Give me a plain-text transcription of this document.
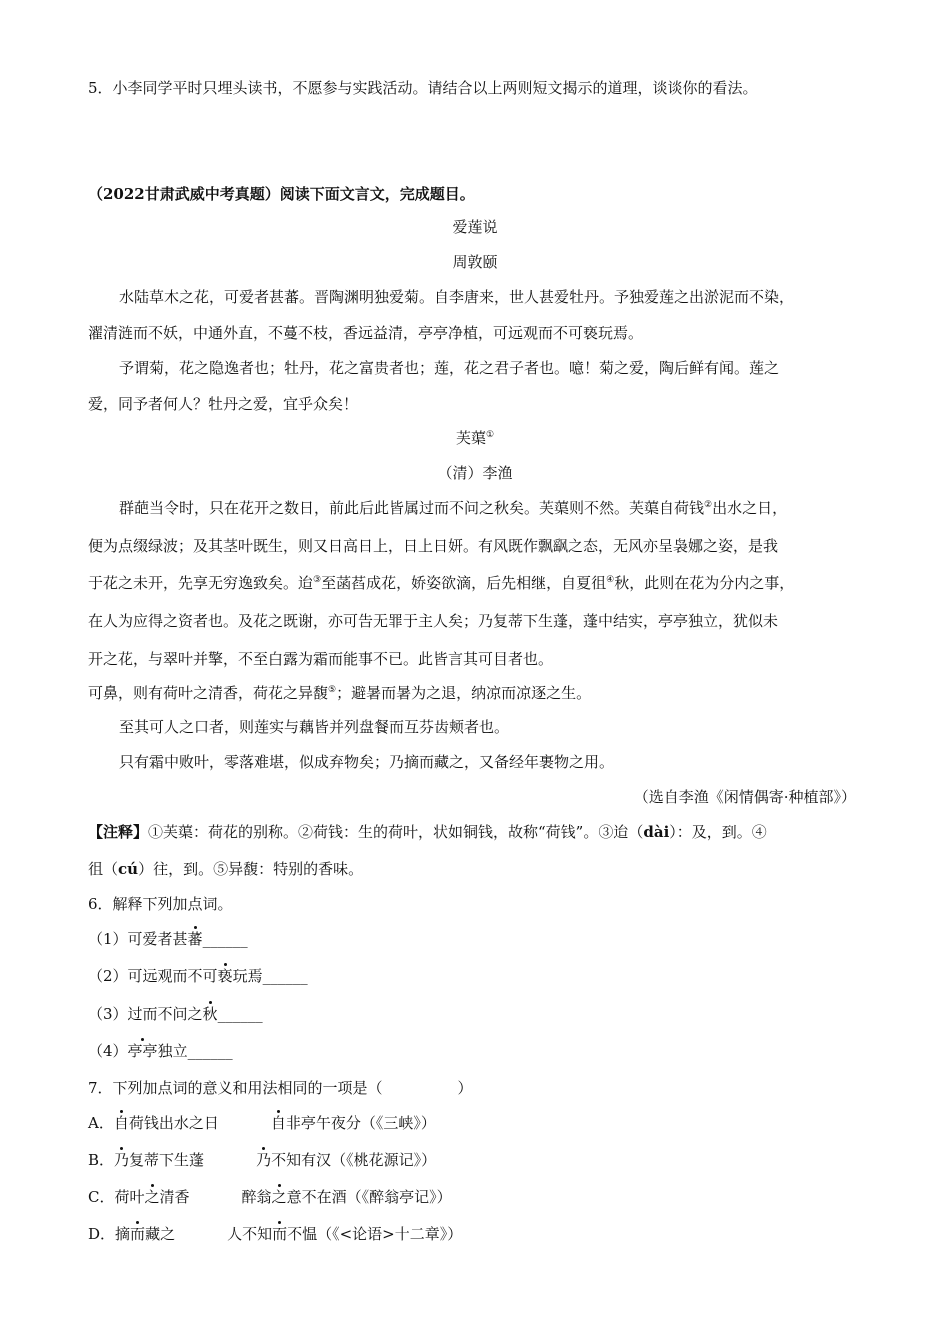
5．小李同学平时只埋头读书，不愿参与实践活动。请结合以上两则短文揭示的道理，谈谈你的看法。
（2022甘肃武威中考真题）阅读下面文言文，完成题目。
爱莲说
周敦颐
水陆草木之花，可爱者甚蕃。晋陶渊明独爱菊。自李唐来，世人甚爱牡丹。予独爱莲之出淤泥而不染，
濯清涟而不妖，中通外直，不蔓不枝，香远益清，亭亭净植，可远观而不可亵玩焉。
予谓菊，花之隐逸者也；牡丹，花之富贵者也；莲，花之君子者也。噫！菊之爱，陶后鲜有闻。莲之
爱，同予者何人？牡丹之爱，宜乎众矣！
芙蕖①
（清）李渔
群葩当令时，只在花开之数日，前此后此皆属过而不问之秋矣。芙蕖则不然。芙蕖自荷钱②出水之日，
便为点缀绿波；及其茎叶既生，则又日高日上，日上日妍。有风既作飘飖之态，无风亦呈袅娜之姿，是我
于花之未开，先享无穷逸致矣。迨③至菡萏成花，娇姿欲滴，后先相继，自夏徂④秋，此则在花为分内之事，
在人为应得之资者也。及花之既谢，亦可告无罪于主人矣；乃复蒂下生蓬，蓬中结实，亭亭独立，犹似未
开之花，与翠叶并擎，不至白露为霜而能事不已。此皆言其可目者也。
可鼻，则有荷叶之清香，荷花之异馥⑤；避暑而暑为之退，纳凉而凉逐之生。
至其可人之口者，则莲实与藕皆并列盘餐而互芬齿颊者也。
只有霜中败叶，零落难堪，似成弃物矣；乃摘而藏之，又备经年裹物之用。
（选自李渔《闲情偶寄·种植部》）
【注释】①芙蕖：荷花的别称。②荷钱：生的荷叶，状如铜钱，故称“荷钱”。③迨（dài）：及，到。④
徂（cú）往，到。⑤异馥：特别的香味。
6．解释下列加点词。
（1）可爱者甚蕃______
（2）可远观而不可亵玩焉______
（3）过而不问之秋______
（4）亭亭独立______
7．下列加点词的意义和用法相同的一项是（　　　　　）
A．自荷钱出水之日	自非亭午夜分（《三峡》）
B．乃复蒂下生蓬	乃不知有汉（《桃花源记》）
C．荷叶之清香	醉翁之意不在酒（《醉翁亭记》）
D．摘而藏之	人不知而不愠（《<论语>十二章》）
